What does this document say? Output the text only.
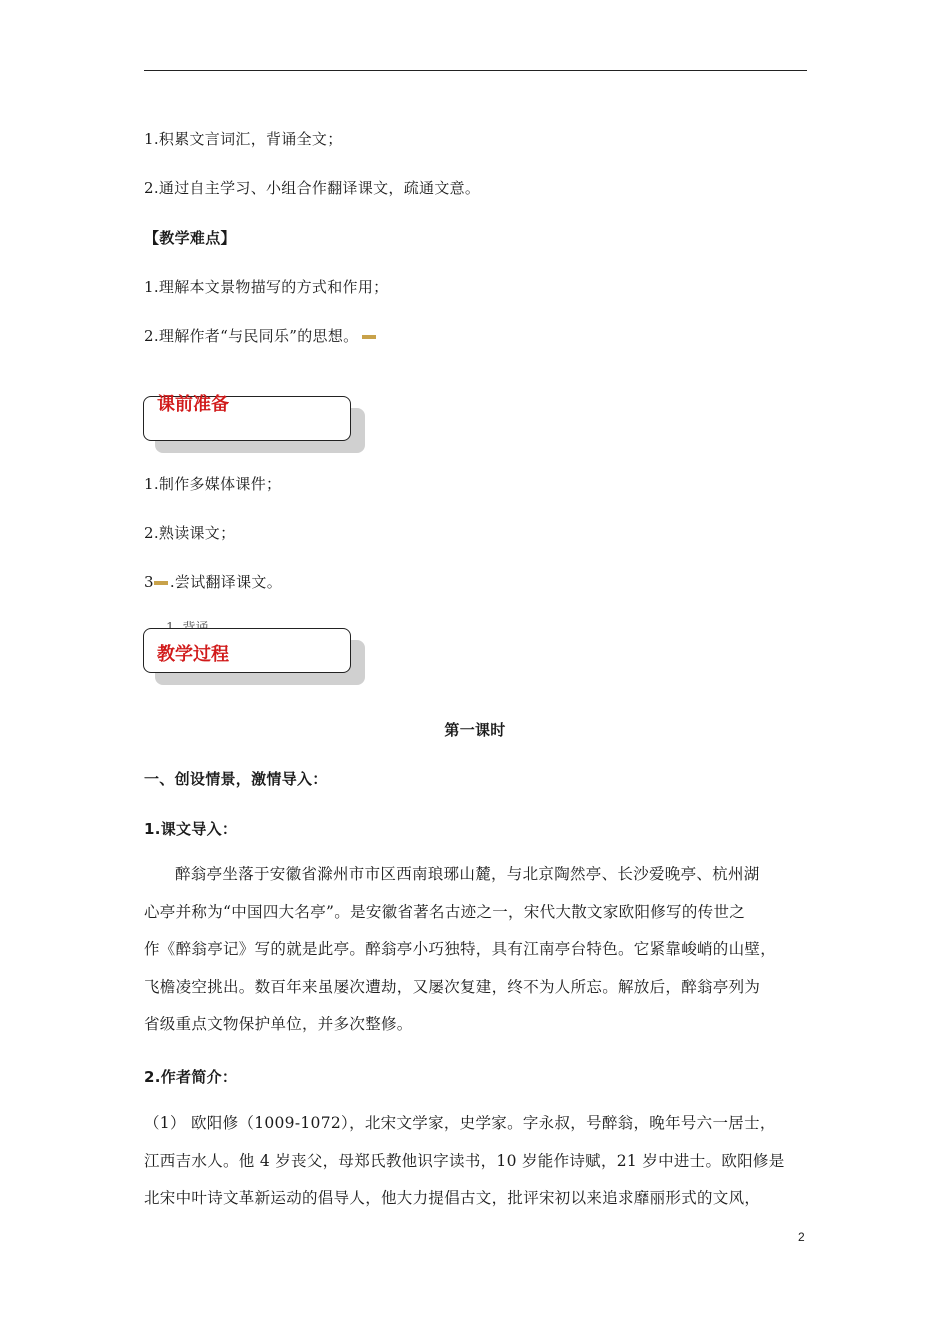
1.积累文言词汇，背诵全文；
2.通过自主学习、小组合作翻译课文，疏通文意。
【教学难点】
1.理解本文景物描写的方式和作用；
2.理解作者“与民同乐”的思想。
课前准备
1.制作多媒体课件；
2.熟读课文；
3 .尝试翻译课文。
教学过程
第一课时
一、创设情景，激情导入：
1.课文导入：

醉翁亭坐落于安徽省滁州市市区西南琅琊山麓，与北京陶然亭、长沙爱晚亭、杭州湖

心亭并称为“中国四大名亭”。是安徽省著名古迹之一，宋代大散文家欧阳修写的传世之

作《醉翁亭记》写的就是此亭。醉翁亭小巧独特，具有江南亭台特色。它紧靠峻峭的山壁，

飞檐凌空挑出。数百年来虽屡次遭劫，又屡次复建，终不为人所忘。解放后，醉翁亭列为

省级重点文物保护单位，并多次整修。

2.作者简介：

（1） 欧阳修（1009-1072），北宋文学家，史学家。字永叔，号醉翁，晚年号六一居士，

江西吉水人。他 4 岁丧父，母郑氏教他识字读书，10 岁能作诗赋，21 岁中进士。欧阳修是

北宋中叶诗文革新运动的倡导人，他大力提倡古文，批评宋初以来追求靡丽形式的文风，

2
